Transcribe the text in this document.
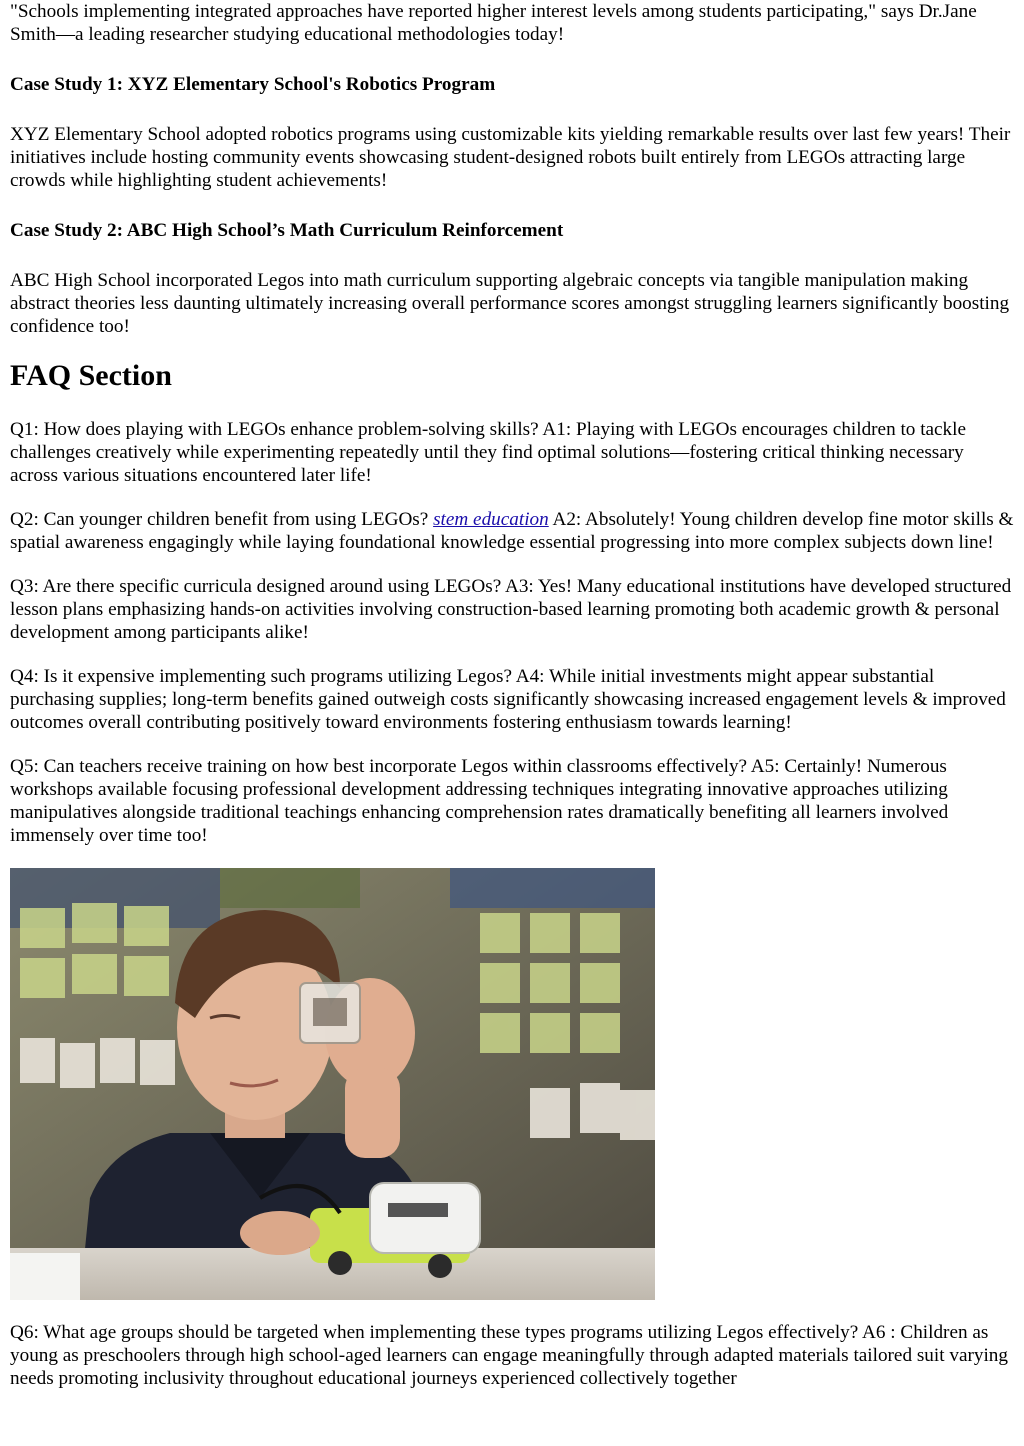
"Schools implementing integrated approaches have reported higher interest levels among students participating," says Dr.Jane Smith—a leading researcher studying educational methodologies today!

Case Study 1: XYZ Elementary School's Robotics Program

XYZ Elementary School adopted robotics programs using customizable kits yielding remarkable results over last few years! Their initiatives include hosting community events showcasing student-designed robots built entirely from LEGOs attracting large crowds while highlighting student achievements!

Case Study 2: ABC High School’s Math Curriculum Reinforcement

ABC High School incorporated Legos into math curriculum supporting algebraic concepts via tangible manipulation making abstract theories less daunting ultimately increasing overall performance scores amongst struggling learners significantly boosting confidence too!

FAQ Section

Q1: How does playing with LEGOs enhance problem-solving skills? A1: Playing with LEGOs encourages children to tackle challenges creatively while experimenting repeatedly until they find optimal solutions—fostering critical thinking necessary across various situations encountered later life!

Q2: Can younger children benefit from using LEGOs? stem education A2: Absolutely! Young children develop fine motor skills & spatial awareness engagingly while laying foundational knowledge essential progressing into more complex subjects down line!

Q3: Are there specific curricula designed around using LEGOs? A3: Yes! Many educational institutions have developed structured lesson plans emphasizing hands-on activities involving construction-based learning promoting both academic growth & personal development among participants alike!

Q4: Is it expensive implementing such programs utilizing Legos? A4: While initial investments might appear substantial purchasing supplies; long-term benefits gained outweigh costs significantly showcasing increased engagement levels & improved outcomes overall contributing positively toward environments fostering enthusiasm towards learning!

Q5: Can teachers receive training on how best incorporate Legos within classrooms effectively? A5: Certainly! Numerous workshops available focusing professional development addressing techniques integrating innovative approaches utilizing manipulatives alongside traditional teachings enhancing comprehension rates dramatically benefiting all learners involved immensely over time too!

Q6: What age groups should be targeted when implementing these types programs utilizing Legos effectively? A6 : Children as young as preschoolers through high school-aged learners can engage meaningfully through adapted materials tailored suit varying needs promoting inclusivity throughout educational journeys experienced collectively together
